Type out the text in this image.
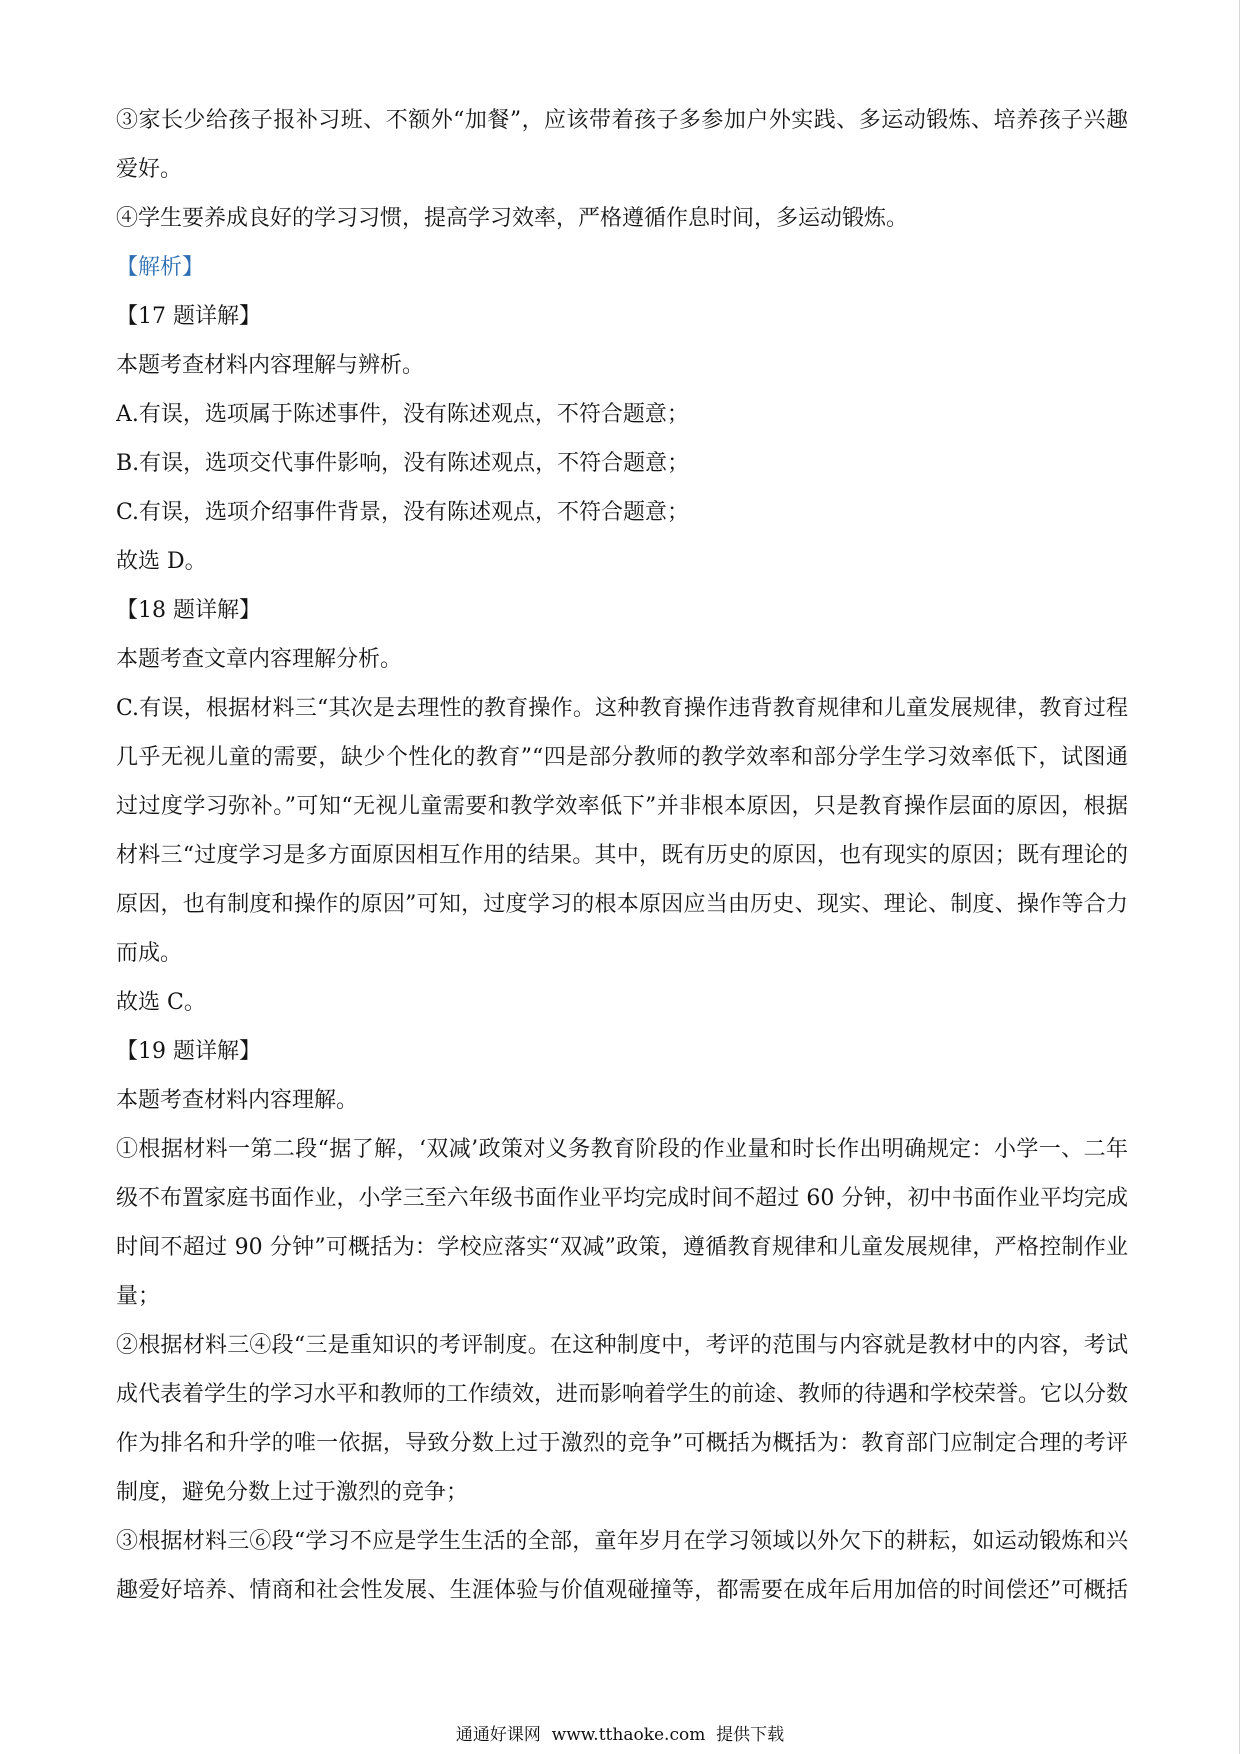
③家长少给孩子报补习班、不额外“加餐”，应该带着孩子多参加户外实践、多运动锻炼、培养孩子兴趣爱好。

④学生要养成良好的学习习惯，提高学习效率，严格遵循作息时间，多运动锻炼。

【解析】

【17 题详解】

本题考查材料内容理解与辨析。

A.有误，选项属于陈述事件，没有陈述观点，不符合题意；

B.有误，选项交代事件影响，没有陈述观点，不符合题意；

C.有误，选项介绍事件背景，没有陈述观点，不符合题意；

故选 D。

【18 题详解】

本题考查文章内容理解分析。

C.有误，根据材料三“其次是去理性的教育操作。这种教育操作违背教育规律和儿童发展规律，教育过程几乎无视儿童的需要，缺少个性化的教育”“四是部分教师的教学效率和部分学生学习效率低下，试图通过过度学习弥补。”可知“无视儿童需要和教学效率低下”并非根本原因，只是教育操作层面的原因，根据材料三“过度学习是多方面原因相互作用的结果。其中，既有历史的原因，也有现实的原因；既有理论的原因，也有制度和操作的原因”可知，过度学习的根本原因应当由历史、现实、理论、制度、操作等合力而成。

故选 C。

【19 题详解】

本题考查材料内容理解。

①根据材料一第二段“据了解，‘双减’政策对义务教育阶段的作业量和时长作出明确规定：小学一、二年级不布置家庭书面作业，小学三至六年级书面作业平均完成时间不超过 60 分钟，初中书面作业平均完成时间不超过 90 分钟”可概括为：学校应落实“双减”政策，遵循教育规律和儿童发展规律，严格控制作业量；

②根据材料三④段“三是重知识的考评制度。在这种制度中，考评的范围与内容就是教材中的内容，考试成代表着学生的学习水平和教师的工作绩效，进而影响着学生的前途、教师的待遇和学校荣誉。它以分数作为排名和升学的唯一依据，导致分数上过于激烈的竞争”可概括为概括为：教育部门应制定合理的考评制度，避免分数上过于激烈的竞争；

③根据材料三⑥段“学习不应是学生生活的全部，童年岁月在学习领域以外欠下的耕耘，如运动锻炼和兴趣爱好培养、情商和社会性发展、生涯体验与价值观碰撞等，都需要在成年后用加倍的时间偿还”可概括

通通好课网  www.tthaoke.com  提供下载
